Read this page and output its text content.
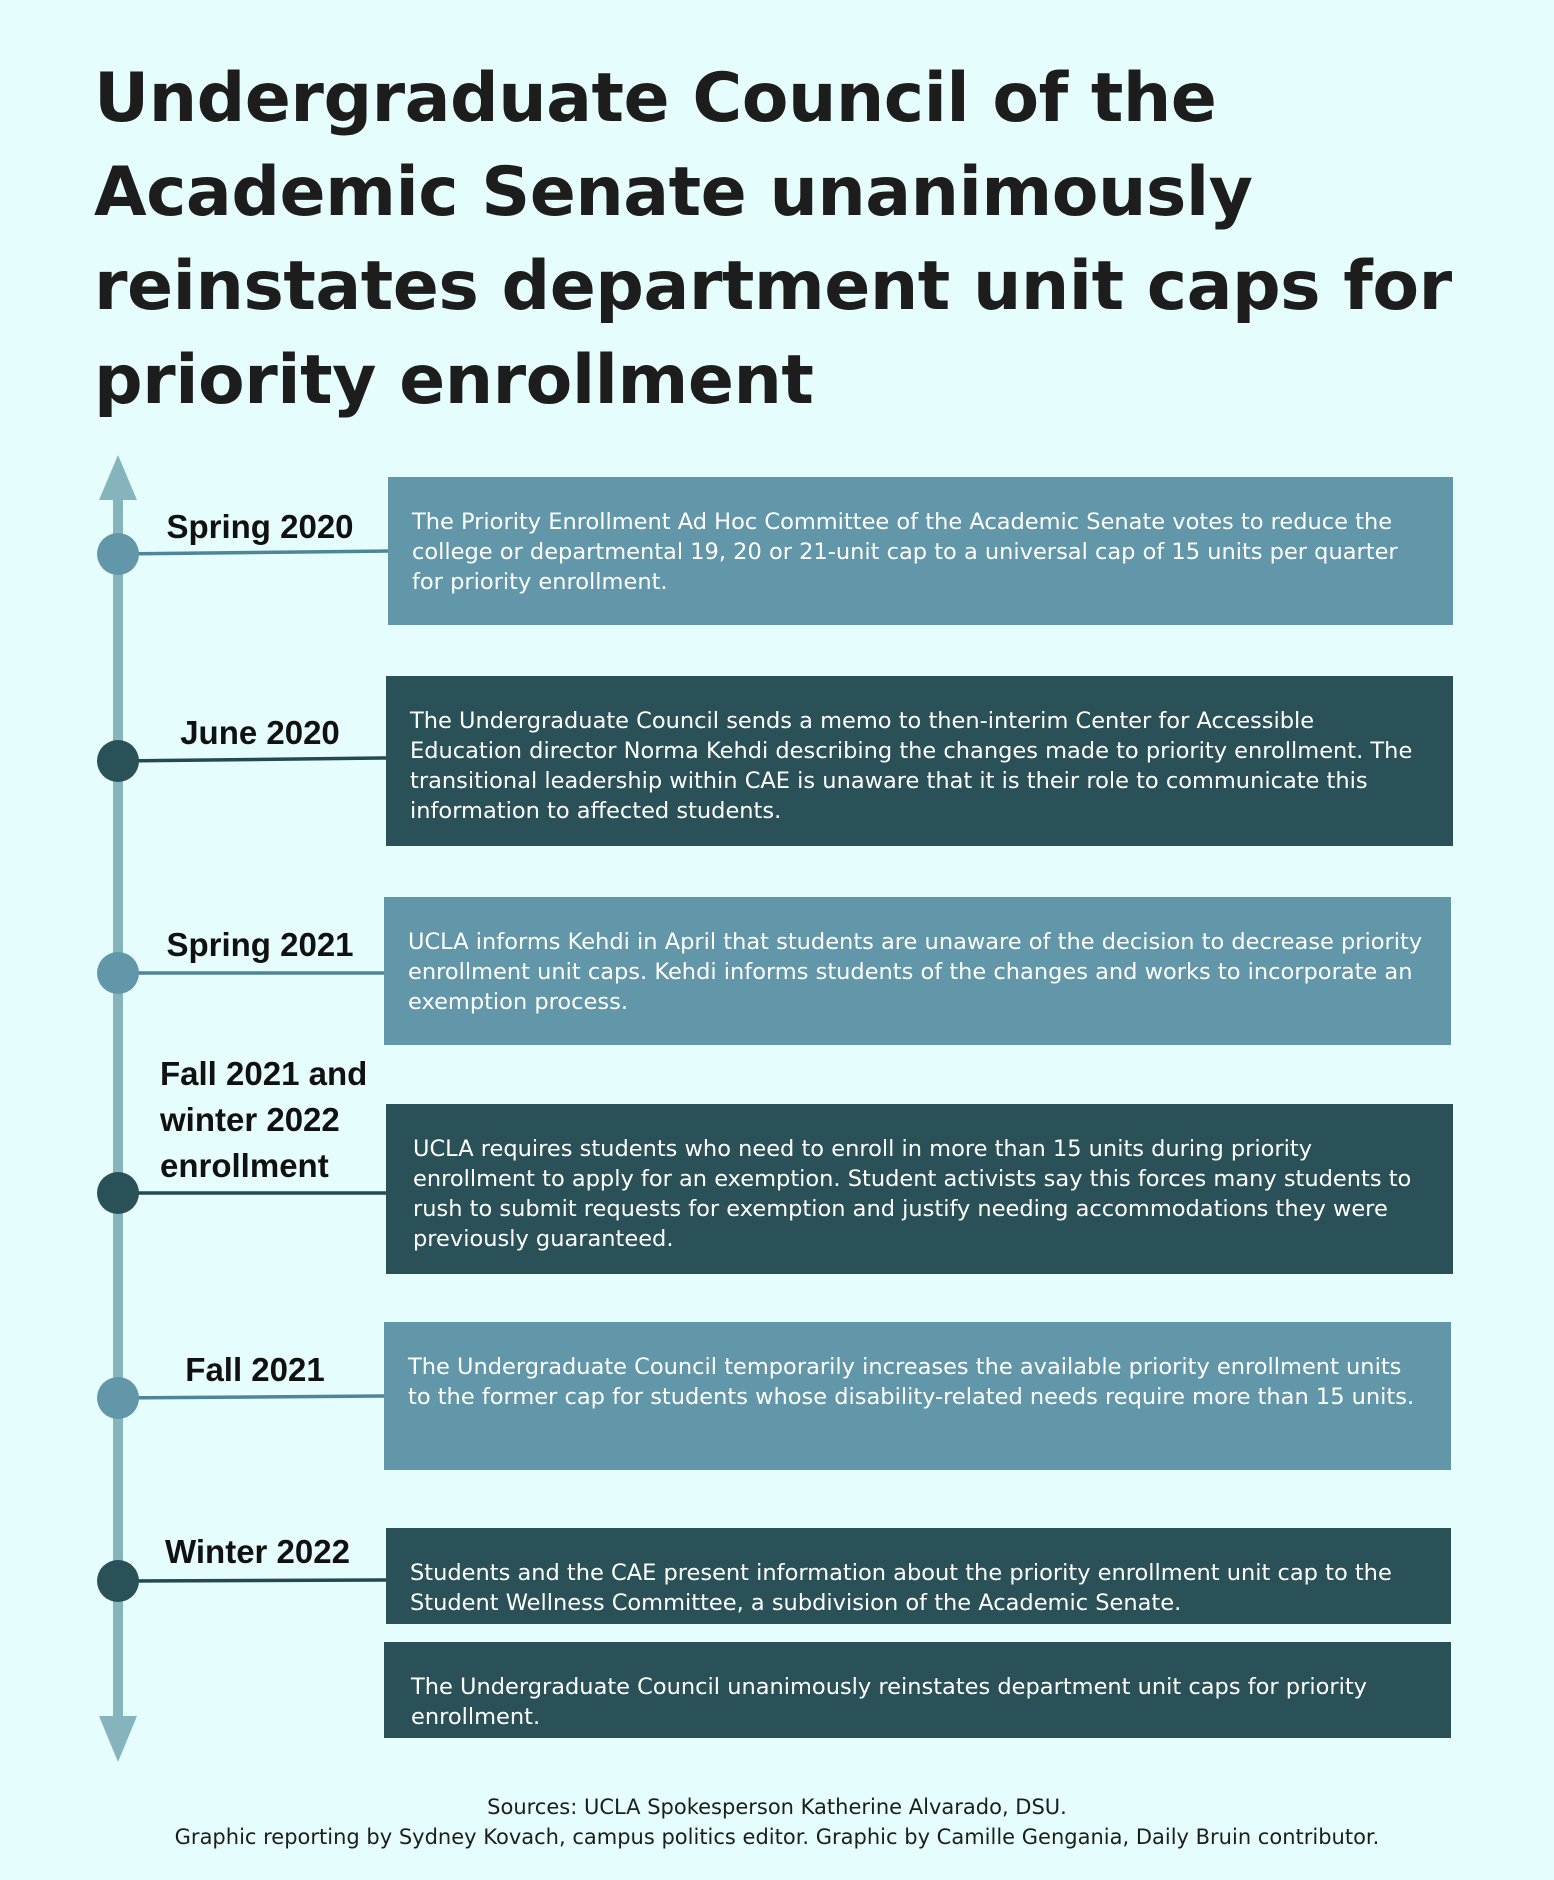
Undergraduate Council of the Academic Senate unanimously reinstates department unit caps for priority enrollment
Spring 2020
June 2020
Spring 2021
Fall 2021 and winter 2022 enrollment
Fall 2021
Winter 2022
The Priority Enrollment Ad Hoc Committee of the Academic Senate votes to reduce the college or departmental 19, 20 or 21-unit cap to a universal cap of 15 units per quarter for priority enrollment.
The Undergraduate Council sends a memo to then-interim Center for Accessible Education director Norma Kehdi describing the changes made to priority enrollment. The transitional leadership within CAE is unaware that it is their role to communicate this information to affected students.
UCLA informs Kehdi in April that students are unaware of the decision to decrease priority enrollment unit caps. Kehdi informs students of the changes and works to incorporate an exemption process.
UCLA requires students who need to enroll in more than 15 units during priority enrollment to apply for an exemption. Student activists say this forces many students to rush to submit requests for exemption and justify needing accommodations they were previously guaranteed.
The Undergraduate Council temporarily increases the available priority enrollment units to the former cap for students whose disability-related needs require more than 15 units.
Students and the CAE present information about the priority enrollment unit cap to the Student Wellness Committee, a subdivision of the Academic Senate.
The Undergraduate Council unanimously reinstates department unit caps for priority enrollment.
Sources: UCLA Spokesperson Katherine Alvarado, DSU.
Graphic reporting by Sydney Kovach, campus politics editor. Graphic by Camille Gengania, Daily Bruin contributor.
